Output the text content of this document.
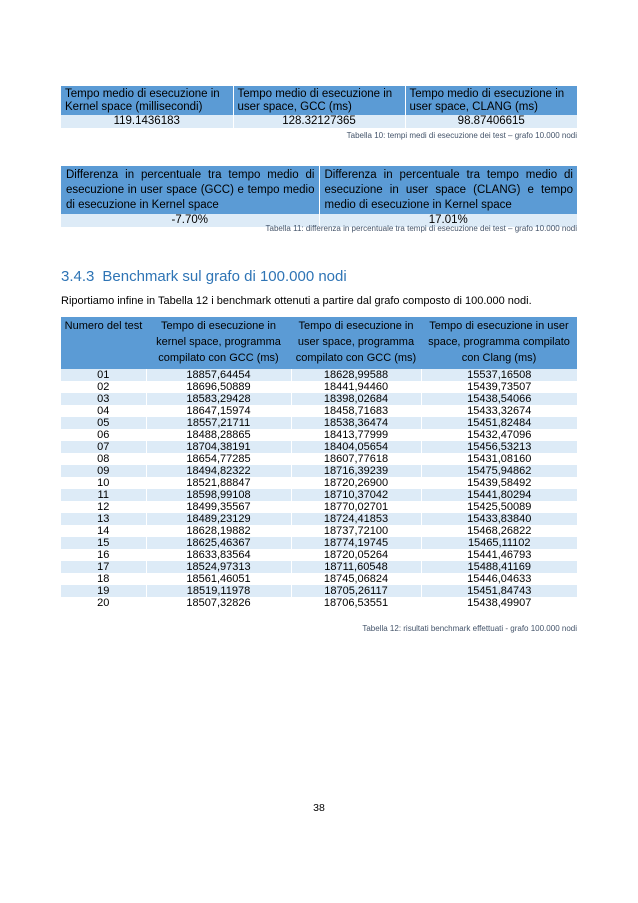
Tempo medio di esecuzione in Kernel space (millisecondi)	Tempo medio di esecuzione in user space, GCC (ms)	Tempo medio di esecuzione in user space, CLANG (ms)
119.1436183	128.32127365	98.87406615
Tabella 10: tempi medi di esecuzione dei test – grafo 10.000 nodi
Differenza in percentuale tra tempo medio di esecuzione in user space (GCC) e tempo medio di esecuzione in Kernel space	Differenza in percentuale tra tempo medio di esecuzione in user space (CLANG) e tempo medio di esecuzione in Kernel space
-7.70%	17.01%
Tabella 11: differenza in percentuale tra tempi di esecuzione dei test – grafo 10.000 nodi
3.4.3 Benchmark sul grafo di 100.000 nodi
Riportiamo infine in Tabella 12 i benchmark ottenuti a partire dal grafo composto di 100.000 nodi.
Numero del test	Tempo di esecuzione in kernel space, programma compilato con GCC (ms)	Tempo di esecuzione in user space, programma compilato con GCC (ms)	Tempo di esecuzione in user space, programma compilato con Clang (ms)
01	18857,64454	18628,99588	15537,16508
02	18696,50889	18441,94460	15439,73507
03	18583,29428	18398,02684	15438,54066
04	18647,15974	18458,71683	15433,32674
05	18557,21711	18538,36474	15451,82484
06	18488,28865	18413,77999	15432,47096
07	18704,38191	18404,05654	15456,53213
08	18654,77285	18607,77618	15431,08160
09	18494,82322	18716,39239	15475,94862
10	18521,88847	18720,26900	15439,58492
11	18598,99108	18710,37042	15441,80294
12	18499,35567	18770,02701	15425,50089
13	18489,23129	18724,41853	15433,83840
14	18628,19882	18737,72100	15468,26822
15	18625,46367	18774,19745	15465,11102
16	18633,83564	18720,05264	15441,46793
17	18524,97313	18711,60548	15488,41169
18	18561,46051	18745,06824	15446,04633
19	18519,11978	18705,26117	15451,84743
20	18507,32826	18706,53551	15438,49907
Tabella 12: risultati benchmark effettuati - grafo 100.000 nodi
38
